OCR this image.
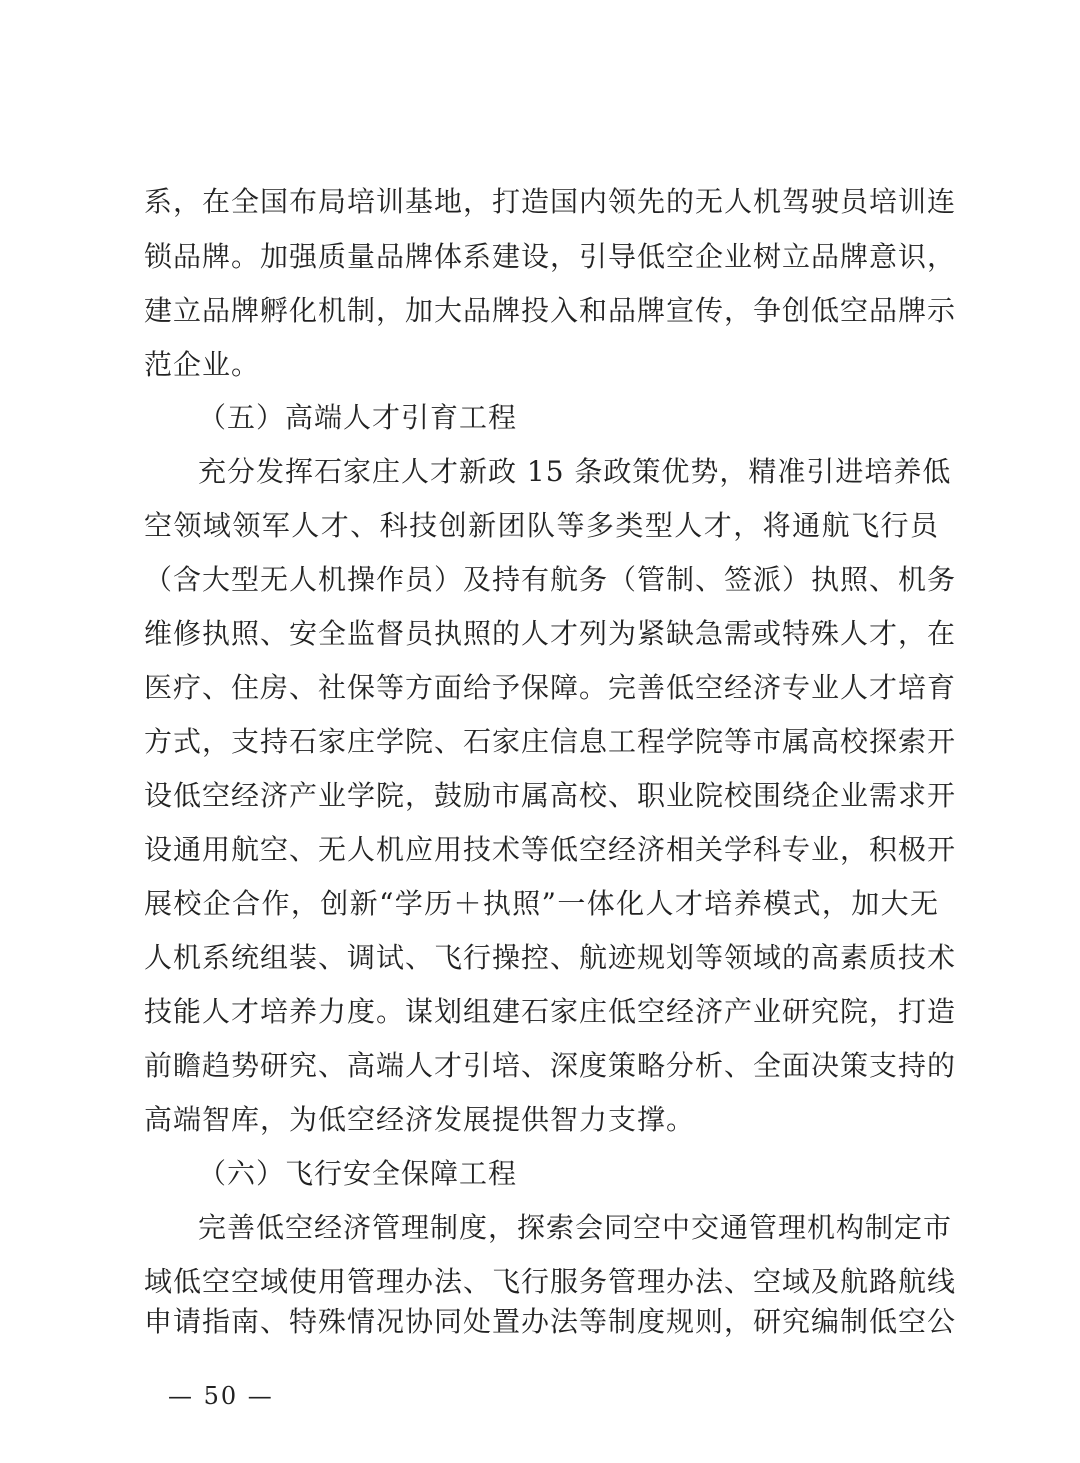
系，在全国布局培训基地，打造国内领先的无人机驾驶员培训连
锁品牌。加强质量品牌体系建设，引导低空企业树立品牌意识，
建立品牌孵化机制，加大品牌投入和品牌宣传，争创低空品牌示
范企业。
（五）高端人才引育工程
充分发挥石家庄人才新政 15 条政策优势，精准引进培养低
空领域领军人才、科技创新团队等多类型人才，将通航飞行员
（含大型无人机操作员）及持有航务（管制、签派）执照、机务
维修执照、安全监督员执照的人才列为紧缺急需或特殊人才，在
医疗、住房、社保等方面给予保障。完善低空经济专业人才培育
方式，支持石家庄学院、石家庄信息工程学院等市属高校探索开
设低空经济产业学院，鼓励市属高校、职业院校围绕企业需求开
设通用航空、无人机应用技术等低空经济相关学科专业，积极开
展校企合作，创新“学历＋执照”一体化人才培养模式，加大无
人机系统组装、调试、飞行操控、航迹规划等领域的高素质技术
技能人才培养力度。谋划组建石家庄低空经济产业研究院，打造
前瞻趋势研究、高端人才引培、深度策略分析、全面决策支持的
高端智库，为低空经济发展提供智力支撑。
（六）飞行安全保障工程
完善低空经济管理制度，探索会同空中交通管理机构制定市
域低空空域使用管理办法、飞行服务管理办法、空域及航路航线
申请指南、特殊情况协同处置办法等制度规则，研究编制低空公
— 50 —
